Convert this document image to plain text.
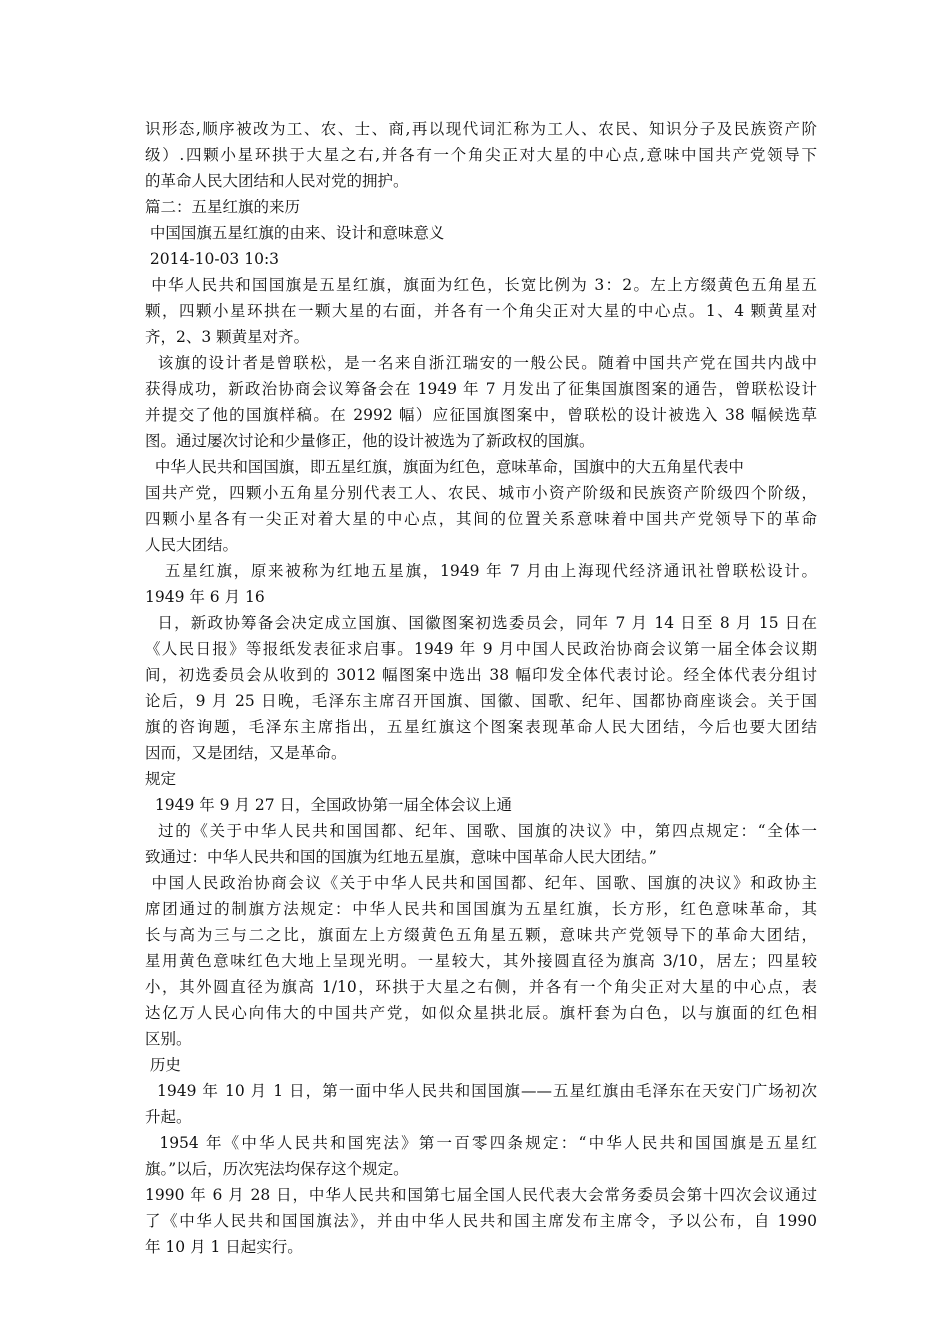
识形态,顺序被改为工、农、士、商,再以现代词汇称为工人、农民、知识分子及民族资产阶
级）.四颗小星环拱于大星之右,并各有一个角尖正对大星的中心点,意味中国共产党领导下
的革命人民大团结和人民对党的拥护。
篇二：五星红旗的来历
中国国旗五星红旗的由来、设计和意味意义
2014-10-03 10:3
中华人民共和国国旗是五星红旗，旗面为红色，长宽比例为 3：2。左上方缀黄色五角星五
颗，四颗小星环拱在一颗大星的右面，并各有一个角尖正对大星的中心点。1、4 颗黄星对
齐，2、3 颗黄星对齐。
该旗的设计者是曾联松，是一名来自浙江瑞安的一般公民。随着中国共产党在国共内战中
获得成功，新政治协商会议筹备会在 1949 年 7 月发出了征集国旗图案的通告，曾联松设计
并提交了他的国旗样稿。在 2992 幅）应征国旗图案中，曾联松的设计被选入 38 幅候选草
图。通过屡次讨论和少量修正，他的设计被选为了新政权的国旗。
中华人民共和国国旗，即五星红旗，旗面为红色，意味革命，国旗中的大五角星代表中
国共产党，四颗小五角星分别代表工人、农民、城市小资产阶级和民族资产阶级四个阶级，
四颗小星各有一尖正对着大星的中心点，其间的位置关系意味着中国共产党领导下的革命
人民大团结。
五星红旗，原来被称为红地五星旗，1949 年 7 月由上海现代经济通讯社曾联松设计。
1949 年 6 月 16
日，新政协筹备会决定成立国旗、国徽图案初选委员会，同年 7 月 14 日至 8 月 15 日在
《人民日报》等报纸发表征求启事。1949 年 9 月中国人民政治协商会议第一届全体会议期
间，初选委员会从收到的 3012 幅图案中选出 38 幅印发全体代表讨论。经全体代表分组讨
论后，9 月 25 日晚，毛泽东主席召开国旗、国徽、国歌、纪年、国都协商座谈会。关于国
旗的咨询题，毛泽东主席指出，五星红旗这个图案表现革命人民大团结，今后也要大团结
因而，又是团结，又是革命。
规定
1949 年 9 月 27 日，全国政协第一届全体会议上通
过的《关于中华人民共和国国都、纪年、国歌、国旗的决议》中，第四点规定：“全体一
致通过：中华人民共和国的国旗为红地五星旗，意味中国革命人民大团结。”
中国人民政治协商会议《关于中华人民共和国国都、纪年、国歌、国旗的决议》和政协主
席团通过的制旗方法规定：中华人民共和国国旗为五星红旗，长方形，红色意味革命，其
长与高为三与二之比，旗面左上方缀黄色五角星五颗，意味共产党领导下的革命大团结，
星用黄色意味红色大地上呈现光明。一星较大，其外接圆直径为旗高 3/10，居左；四星较
小，其外圆直径为旗高 1/10，环拱于大星之右侧，并各有一个角尖正对大星的中心点，表
达亿万人民心向伟大的中国共产党，如似众星拱北辰。旗杆套为白色，以与旗面的红色相
区别。
历史
1949 年 10 月 1 日，第一面中华人民共和国国旗——五星红旗由毛泽东在天安门广场初次
升起。
1954 年《中华人民共和国宪法》第一百零四条规定：“中华人民共和国国旗是五星红
旗。”以后，历次宪法均保存这个规定。
1990 年 6 月 28 日，中华人民共和国第七届全国人民代表大会常务委员会第十四次会议通过
了《中华人民共和国国旗法》，并由中华人民共和国主席发布主席令，予以公布，自 1990
年 10 月 1 日起实行。
